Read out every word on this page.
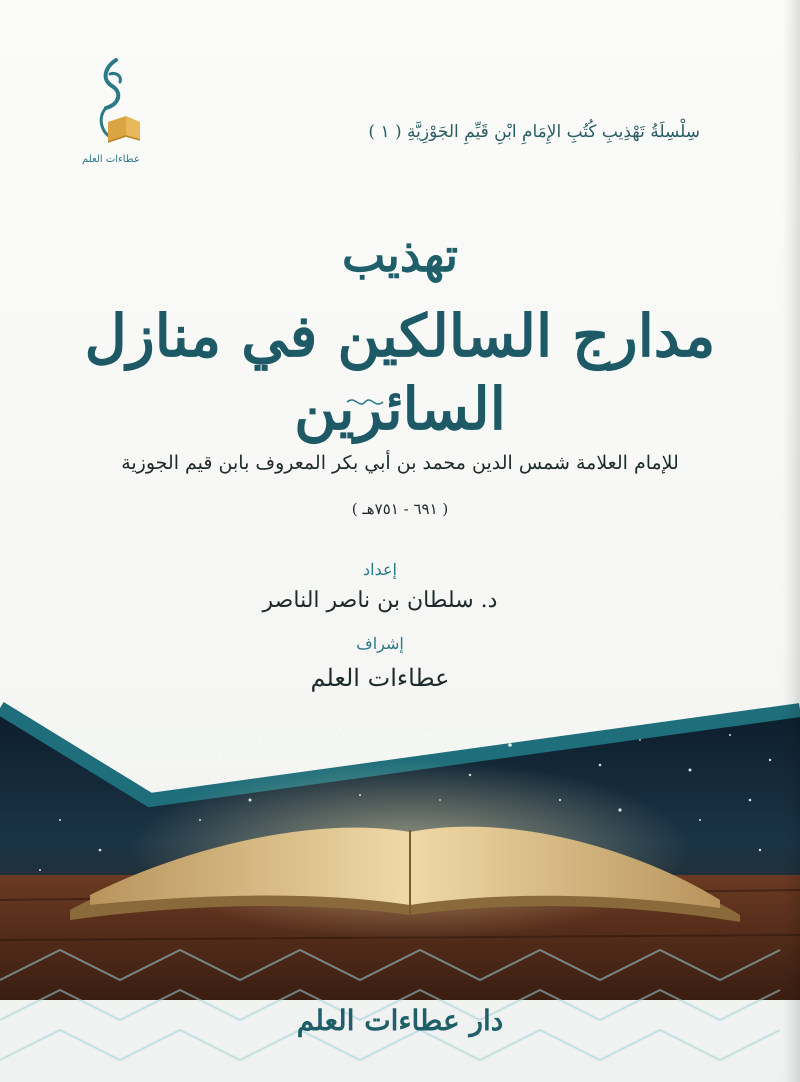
عطاءات العلم
سِلْسِلَةُ تَهْذِيبِ كُتُبِ الإِمَامِ ابْنِ قَيِّمِ الجَوْزِيَّةِ ( ١ )
تهذيب
مدارج السالكين في منازل السائرين
للإمام العلامة شمس الدين محمد بن أبي بكر المعروف بابن قيم الجوزية
( ٦٩١ - ٧٥١هـ )
إعداد
د. سلطان بن ناصر الناصر
إشراف
عطاءات العلم
دار عطاءات العلم
